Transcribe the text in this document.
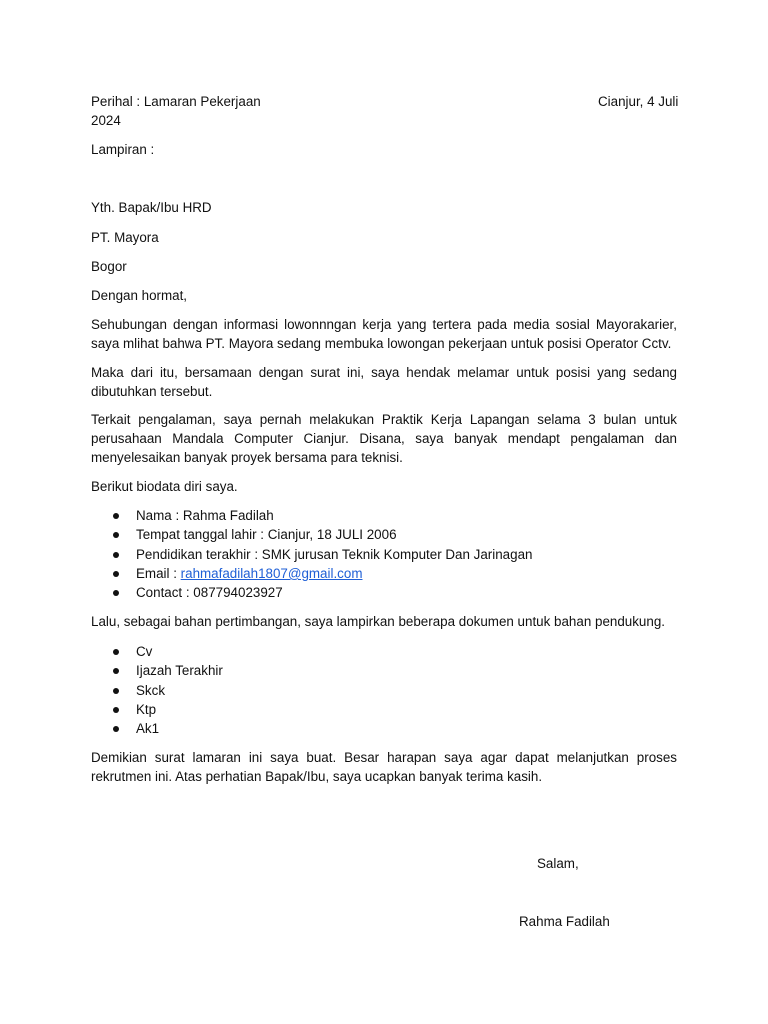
Perihal : Lamaran Pekerjaan	Cianjur, 4 Juli
2024
Lampiran :
Yth. Bapak/Ibu HRD
PT. Mayora
Bogor
Dengan hormat,
Sehubungan dengan informasi lowonnngan kerja yang tertera pada media sosial Mayorakarier, saya mlihat bahwa PT. Mayora sedang membuka lowongan pekerjaan untuk posisi Operator Cctv.
Maka dari itu, bersamaan dengan surat ini, saya hendak melamar untuk posisi yang sedang dibutuhkan tersebut.
Terkait pengalaman, saya pernah melakukan Praktik Kerja Lapangan selama 3 bulan untuk perusahaan Mandala Computer Cianjur. Disana, saya banyak mendapt pengalaman dan menyelesaikan banyak proyek bersama para teknisi.
Berikut biodata diri saya.
Nama : Rahma Fadilah
Tempat tanggal lahir : Cianjur, 18 JULI 2006
Pendidikan terakhir : SMK jurusan Teknik Komputer Dan Jarinagan
Email : rahmafadilah1807@gmail.com
Contact : 087794023927
Lalu, sebagai bahan pertimbangan, saya lampirkan beberapa dokumen untuk bahan pendukung.
Cv
Ijazah Terakhir
Skck
Ktp
Ak1
Demikian surat lamaran ini saya buat. Besar harapan saya agar dapat melanjutkan proses rekrutmen ini. Atas perhatian Bapak/Ibu, saya ucapkan banyak terima kasih.
Salam,
Rahma Fadilah
